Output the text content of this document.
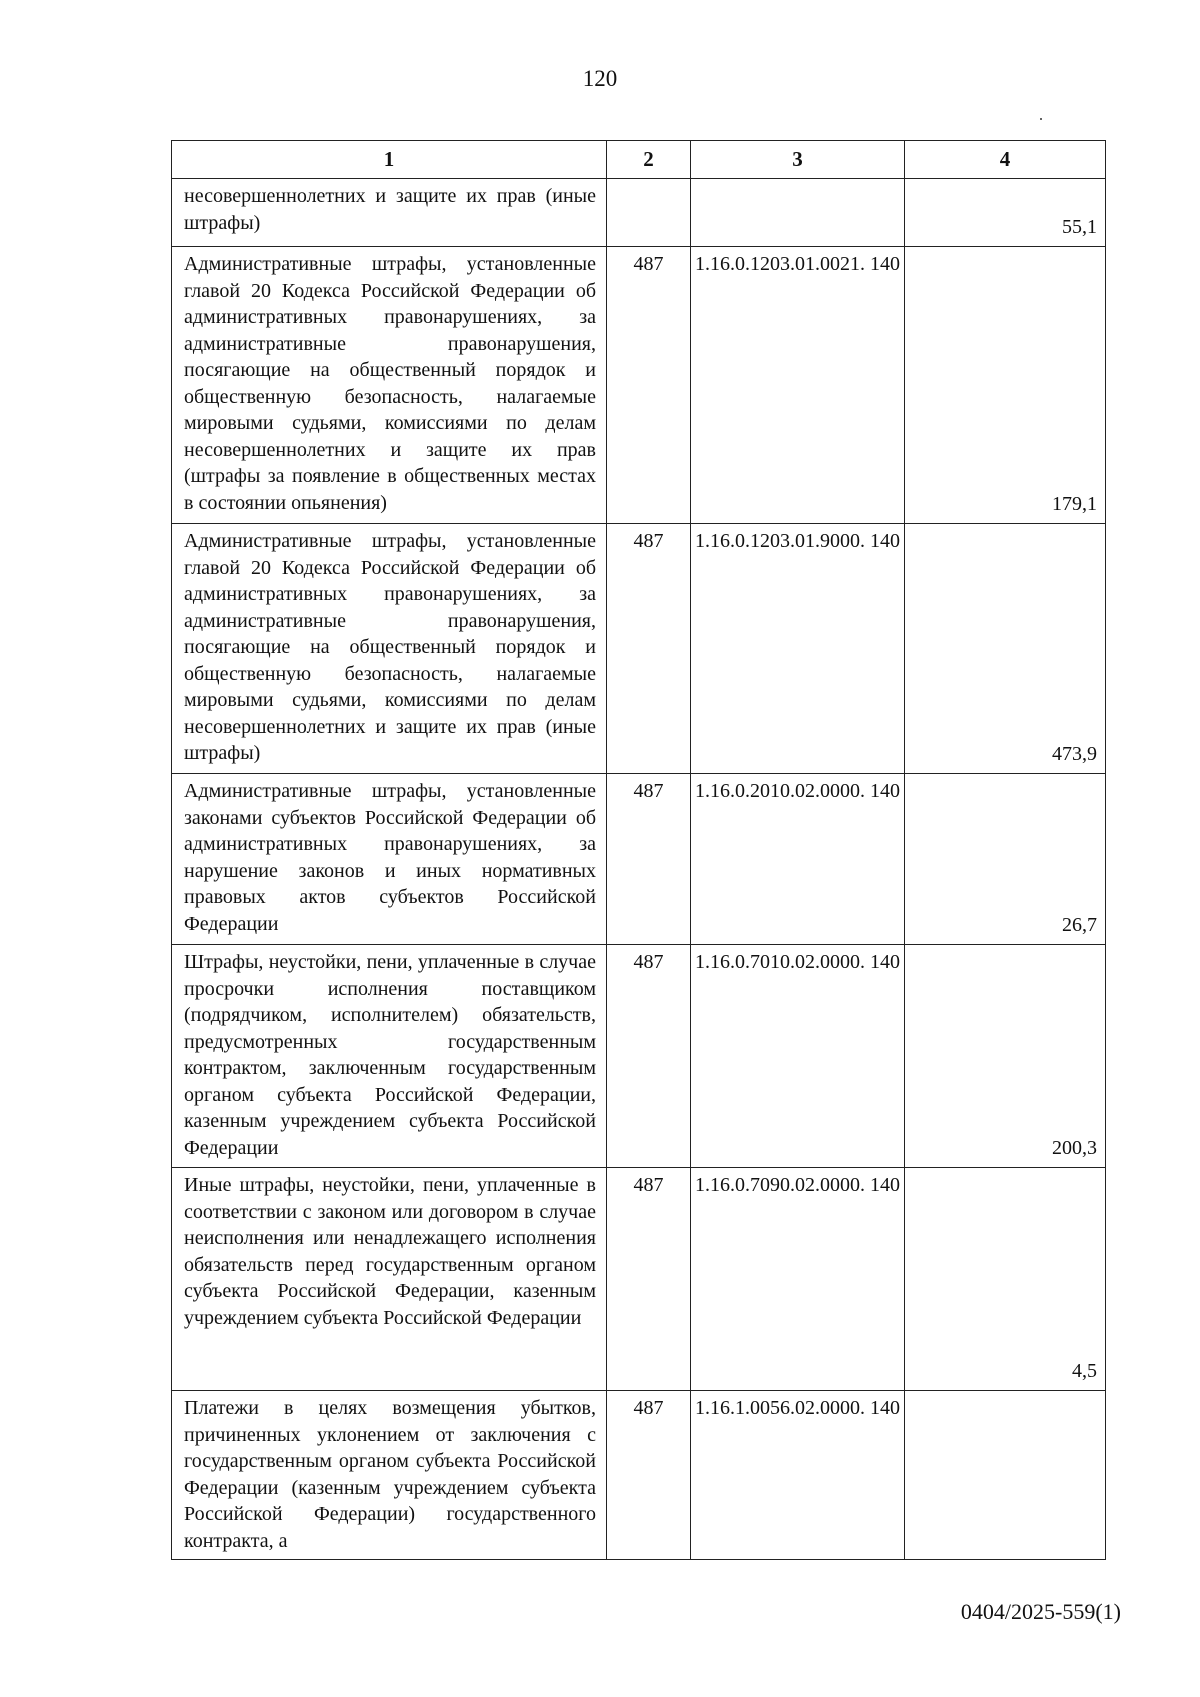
120
1	2	3	4
несовершеннолетних и защите их прав (иные штрафы)			55,1
Административные штрафы, установленные главой 20 Кодекса Российской Федерации об административных правонарушениях, за административные правонарушения, посягающие на общественный порядок и общественную безопасность, налагаемые мировыми судьями, комиссиями по делам несовершеннолетних и защите их прав (штрафы за появление в общественных местах в состоянии опьянения)	487	1.16.0.1203.01.0021. 140	179,1
Административные штрафы, установленные главой 20 Кодекса Российской Федерации об административных правонарушениях, за административные правонарушения, посягающие на общественный порядок и общественную безопасность, налагаемые мировыми судьями, комиссиями по делам несовершеннолетних и защите их прав (иные штрафы)	487	1.16.0.1203.01.9000. 140	473,9
Административные штрафы, установленные законами субъектов Российской Федерации об административных правонарушениях, за нарушение законов и иных нормативных правовых актов субъектов Российской Федерации	487	1.16.0.2010.02.0000. 140	26,7
Штрафы, неустойки, пени, уплаченные в случае просрочки исполнения поставщиком (подрядчиком, исполнителем) обязательств, предусмотренных государственным контрактом, заключенным государственным органом субъекта Российской Федерации, казенным учреждением субъекта Российской Федерации	487	1.16.0.7010.02.0000. 140	200,3
Иные штрафы, неустойки, пени, уплаченные в соответствии с законом или договором в случае неисполнения или ненадлежащего исполнения обязательств перед государственным органом субъекта Российской Федерации, казенным учреждением субъекта Российской Федерации	487	1.16.0.7090.02.0000. 140	4,5
Платежи в целях возмещения убытков, причиненных уклонением от заключения с государственным органом субъекта Российской Федерации (казенным учреждением субъекта Российской Федерации) государственного контракта, а	487	1.16.1.0056.02.0000. 140	
0404/2025-559(1)
